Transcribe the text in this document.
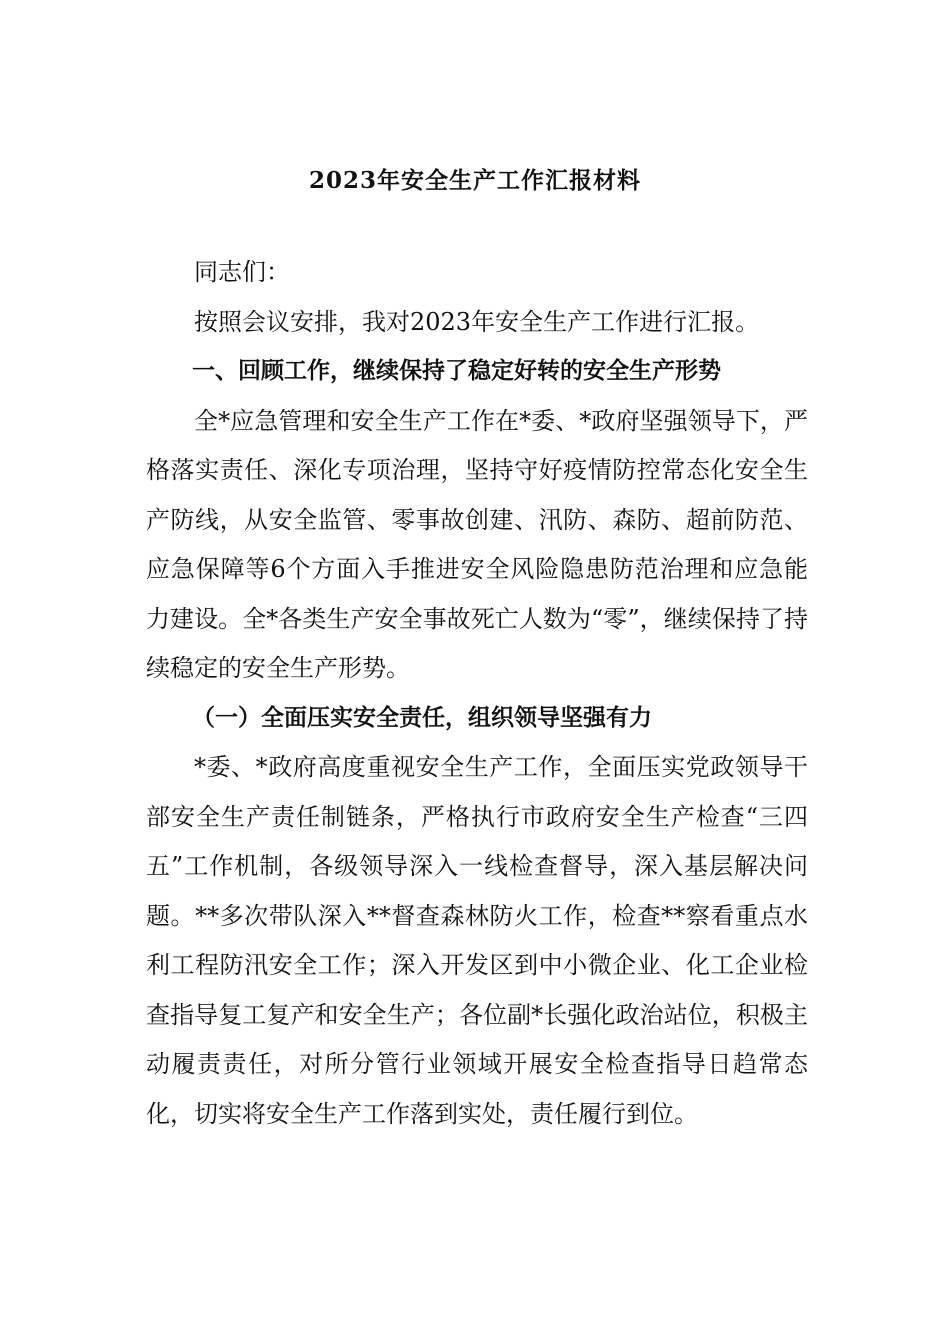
2023年安全生产工作汇报材料

同志们：

按照会议安排，我对2023年安全生产工作进行汇报。

一、回顾工作，继续保持了稳定好转的安全生产形势

全*应急管理和安全生产工作在*委、*政府坚强领导下，严格落实责任、深化专项治理，坚持守好疫情防控常态化安全生产防线，从安全监管、零事故创建、汛防、森防、超前防范、应急保障等6个方面入手推进安全风险隐患防范治理和应急能力建设。全*各类生产安全事故死亡人数为“零”，继续保持了持续稳定的安全生产形势。

（一）全面压实安全责任，组织领导坚强有力

*委、*政府高度重视安全生产工作，全面压实党政领导干部安全生产责任制链条，严格执行市政府安全生产检查“三四五”工作机制，各级领导深入一线检查督导，深入基层解决问题。**多次带队深入**督查森林防火工作，检查**察看重点水利工程防汛安全工作；深入开发区到中小微企业、化工企业检查指导复工复产和安全生产；各位副*长强化政治站位，积极主动履责责任，对所分管行业领域开展安全检查指导日趋常态化，切实将安全生产工作落到实处，责任履行到位。
